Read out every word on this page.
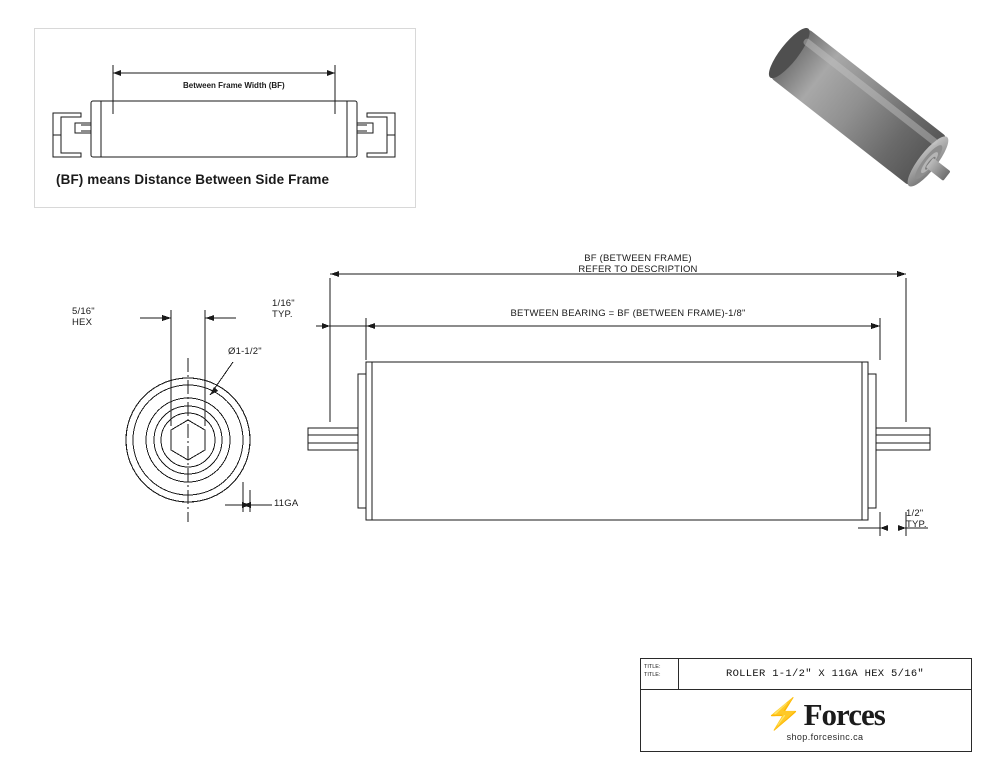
Between Frame Width (BF)
(BF) means Distance Between Side Frame
BF (BETWEEN FRAME)
REFER TO DESCRIPTION
BETWEEN BEARING = BF (BETWEEN FRAME)-1/8"
1/16"
TYP.
1/2"
TYP.
5/16"
HEX
Ø1-1/2"
11GA
TITLE:
TITLE:	ROLLER 1-1/2" X 11GA HEX 5/16"
⚡ Forces
shop.forcesinc.ca
